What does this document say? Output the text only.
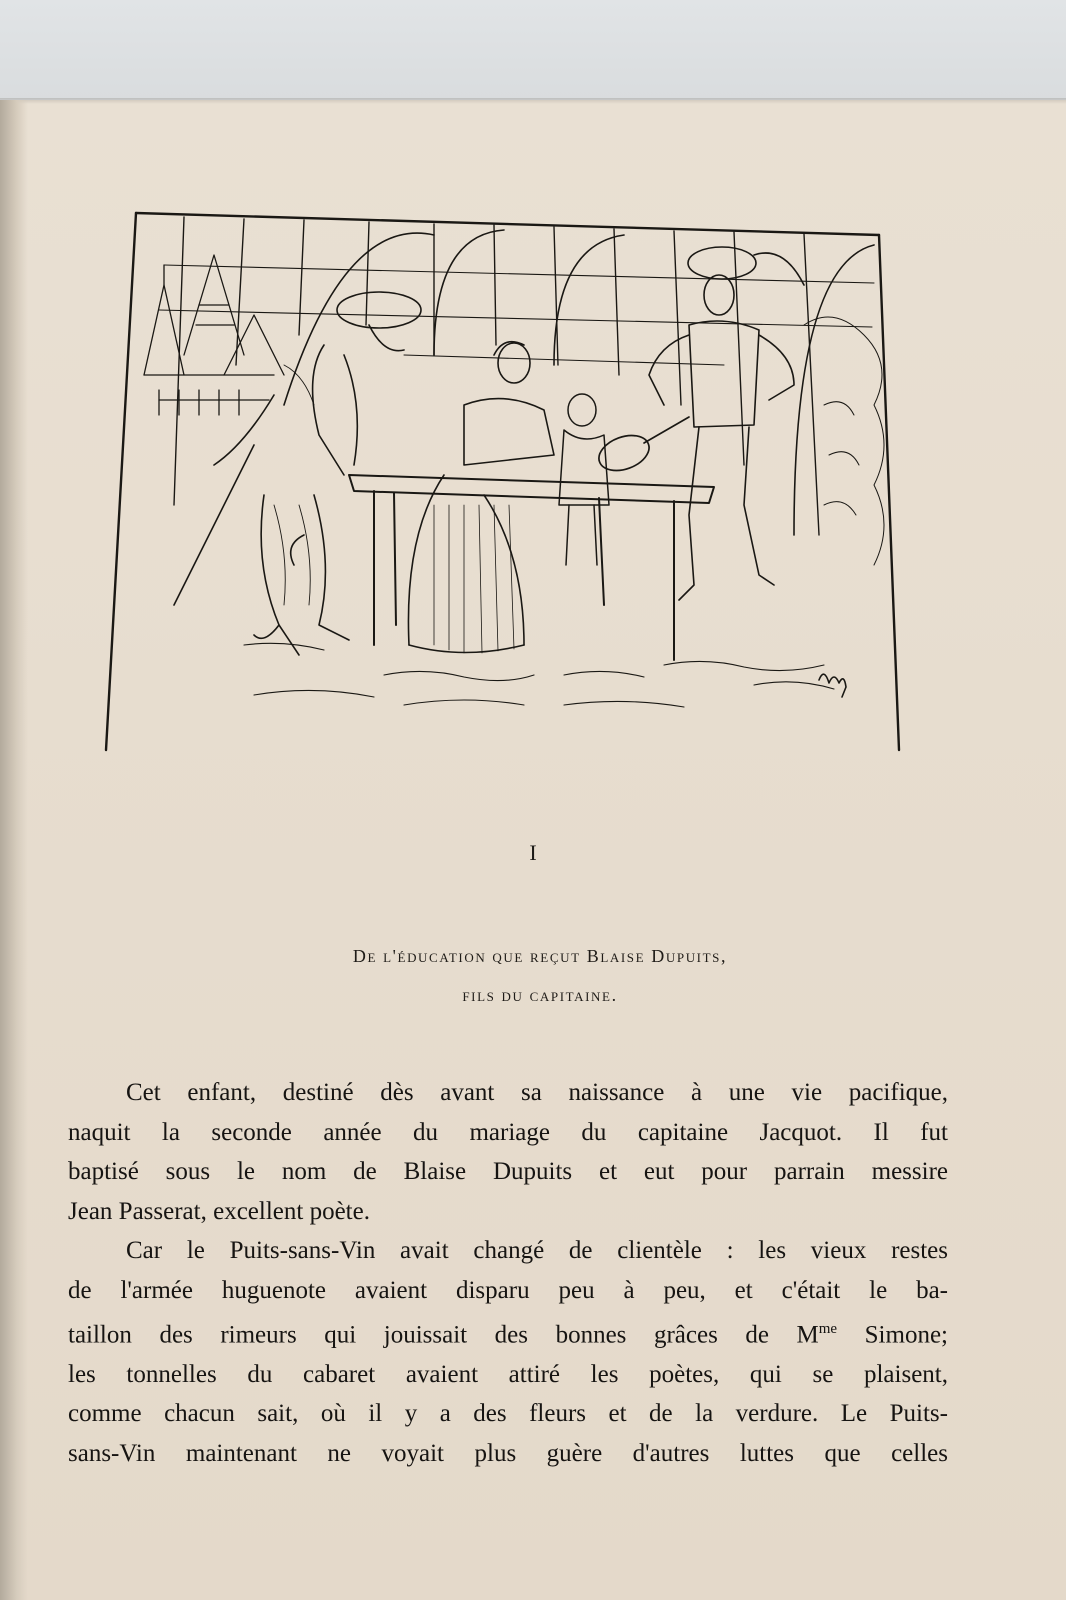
I
De l'éducation que reçut Blaise Dupuits,
fils du capitaine.
Cet enfant, destiné dès avant sa naissance à une vie pacifique,
naquit la seconde année du mariage du capitaine Jacquot. Il fut
baptisé sous le nom de Blaise Dupuits et eut pour parrain messire
Jean Passerat, excellent poète.
Car le Puits-sans-Vin avait changé de clientèle : les vieux restes
de l'armée huguenote avaient disparu peu à peu, et c'était le ba-
taillon des rimeurs qui jouissait des bonnes grâces de $M^{me}$ Simone;
les tonnelles du cabaret avaient attiré les poètes, qui se plaisent,
comme chacun sait, où il y a des fleurs et de la verdure. Le Puits-
sans-Vin maintenant ne voyait plus guère d'autres luttes que celles
